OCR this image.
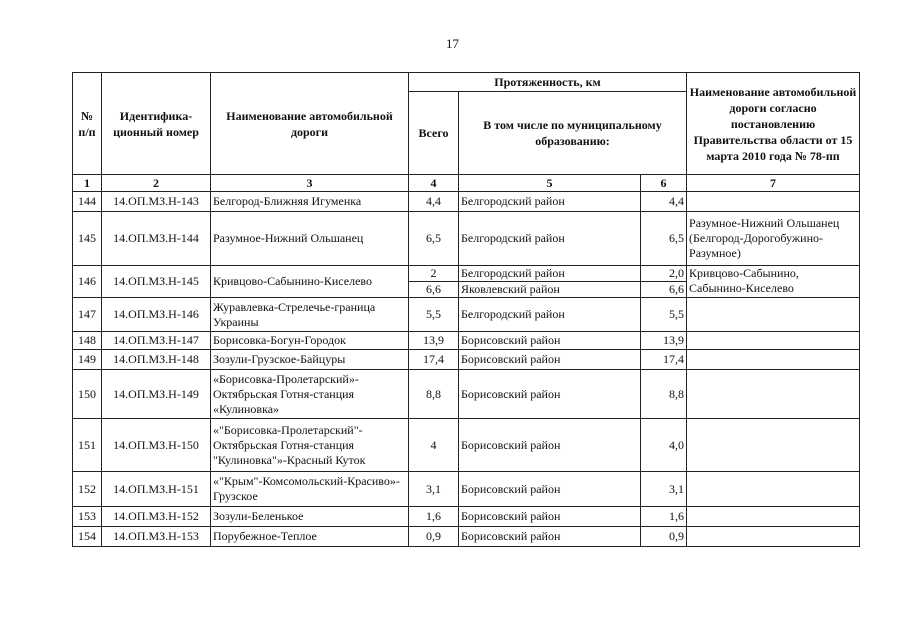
17
№ п/п	Идентифика-ционный номер	Наименование автомобильной дороги	Протяженность, км			Наименование автомобильной дороги согласно постановлению Правительства области от 15 марта 2010 года № 78-пп
			Всего	В том числе по муниципальному образованию:		
1	2	3	4	5	6	7
144	14.ОП.МЗ.Н-143	Белгород-Ближняя Игуменка	4,4	Белгородский район	4,4	
145	14.ОП.МЗ.Н-144	Разумное-Нижний Ольшанец	6,5	Белгородский район	6,5	Разумное-Нижний Ольшанец (Белгород-Дорогобужино-Разумное)
146	14.ОП.МЗ.Н-145	Кривцово-Сабынино-Киселево	2	Белгородский район	2,0	Кривцово-Сабынино, Сабынино-Киселево
			6,6	Яковлевский район	6,6	
147	14.ОП.МЗ.Н-146	Журавлевка-Стрелечье-граница Украины	5,5	Белгородский район	5,5	
148	14.ОП.МЗ.Н-147	Борисовка-Богун-Городок	13,9	Борисовский район	13,9	
149	14.ОП.МЗ.Н-148	Зозули-Грузское-Байцуры	17,4	Борисовский район	17,4	
150	14.ОП.МЗ.Н-149	«Борисовка-Пролетарский»-Октябрьская Готня-станция «Кулиновка»	8,8	Борисовский район	8,8	
151	14.ОП.МЗ.Н-150	«"Борисовка-Пролетарский"-Октябрьская Готня-станция "Кулиновка"»-Красный Куток	4	Борисовский район	4,0	
152	14.ОП.МЗ.Н-151	«"Крым"-Комсомольский-Красиво»-Грузское	3,1	Борисовский район	3,1	
153	14.ОП.МЗ.Н-152	Зозули-Беленькое	1,6	Борисовский район	1,6	
154	14.ОП.МЗ.Н-153	Порубежное-Теплое	0,9	Борисовский район	0,9	
